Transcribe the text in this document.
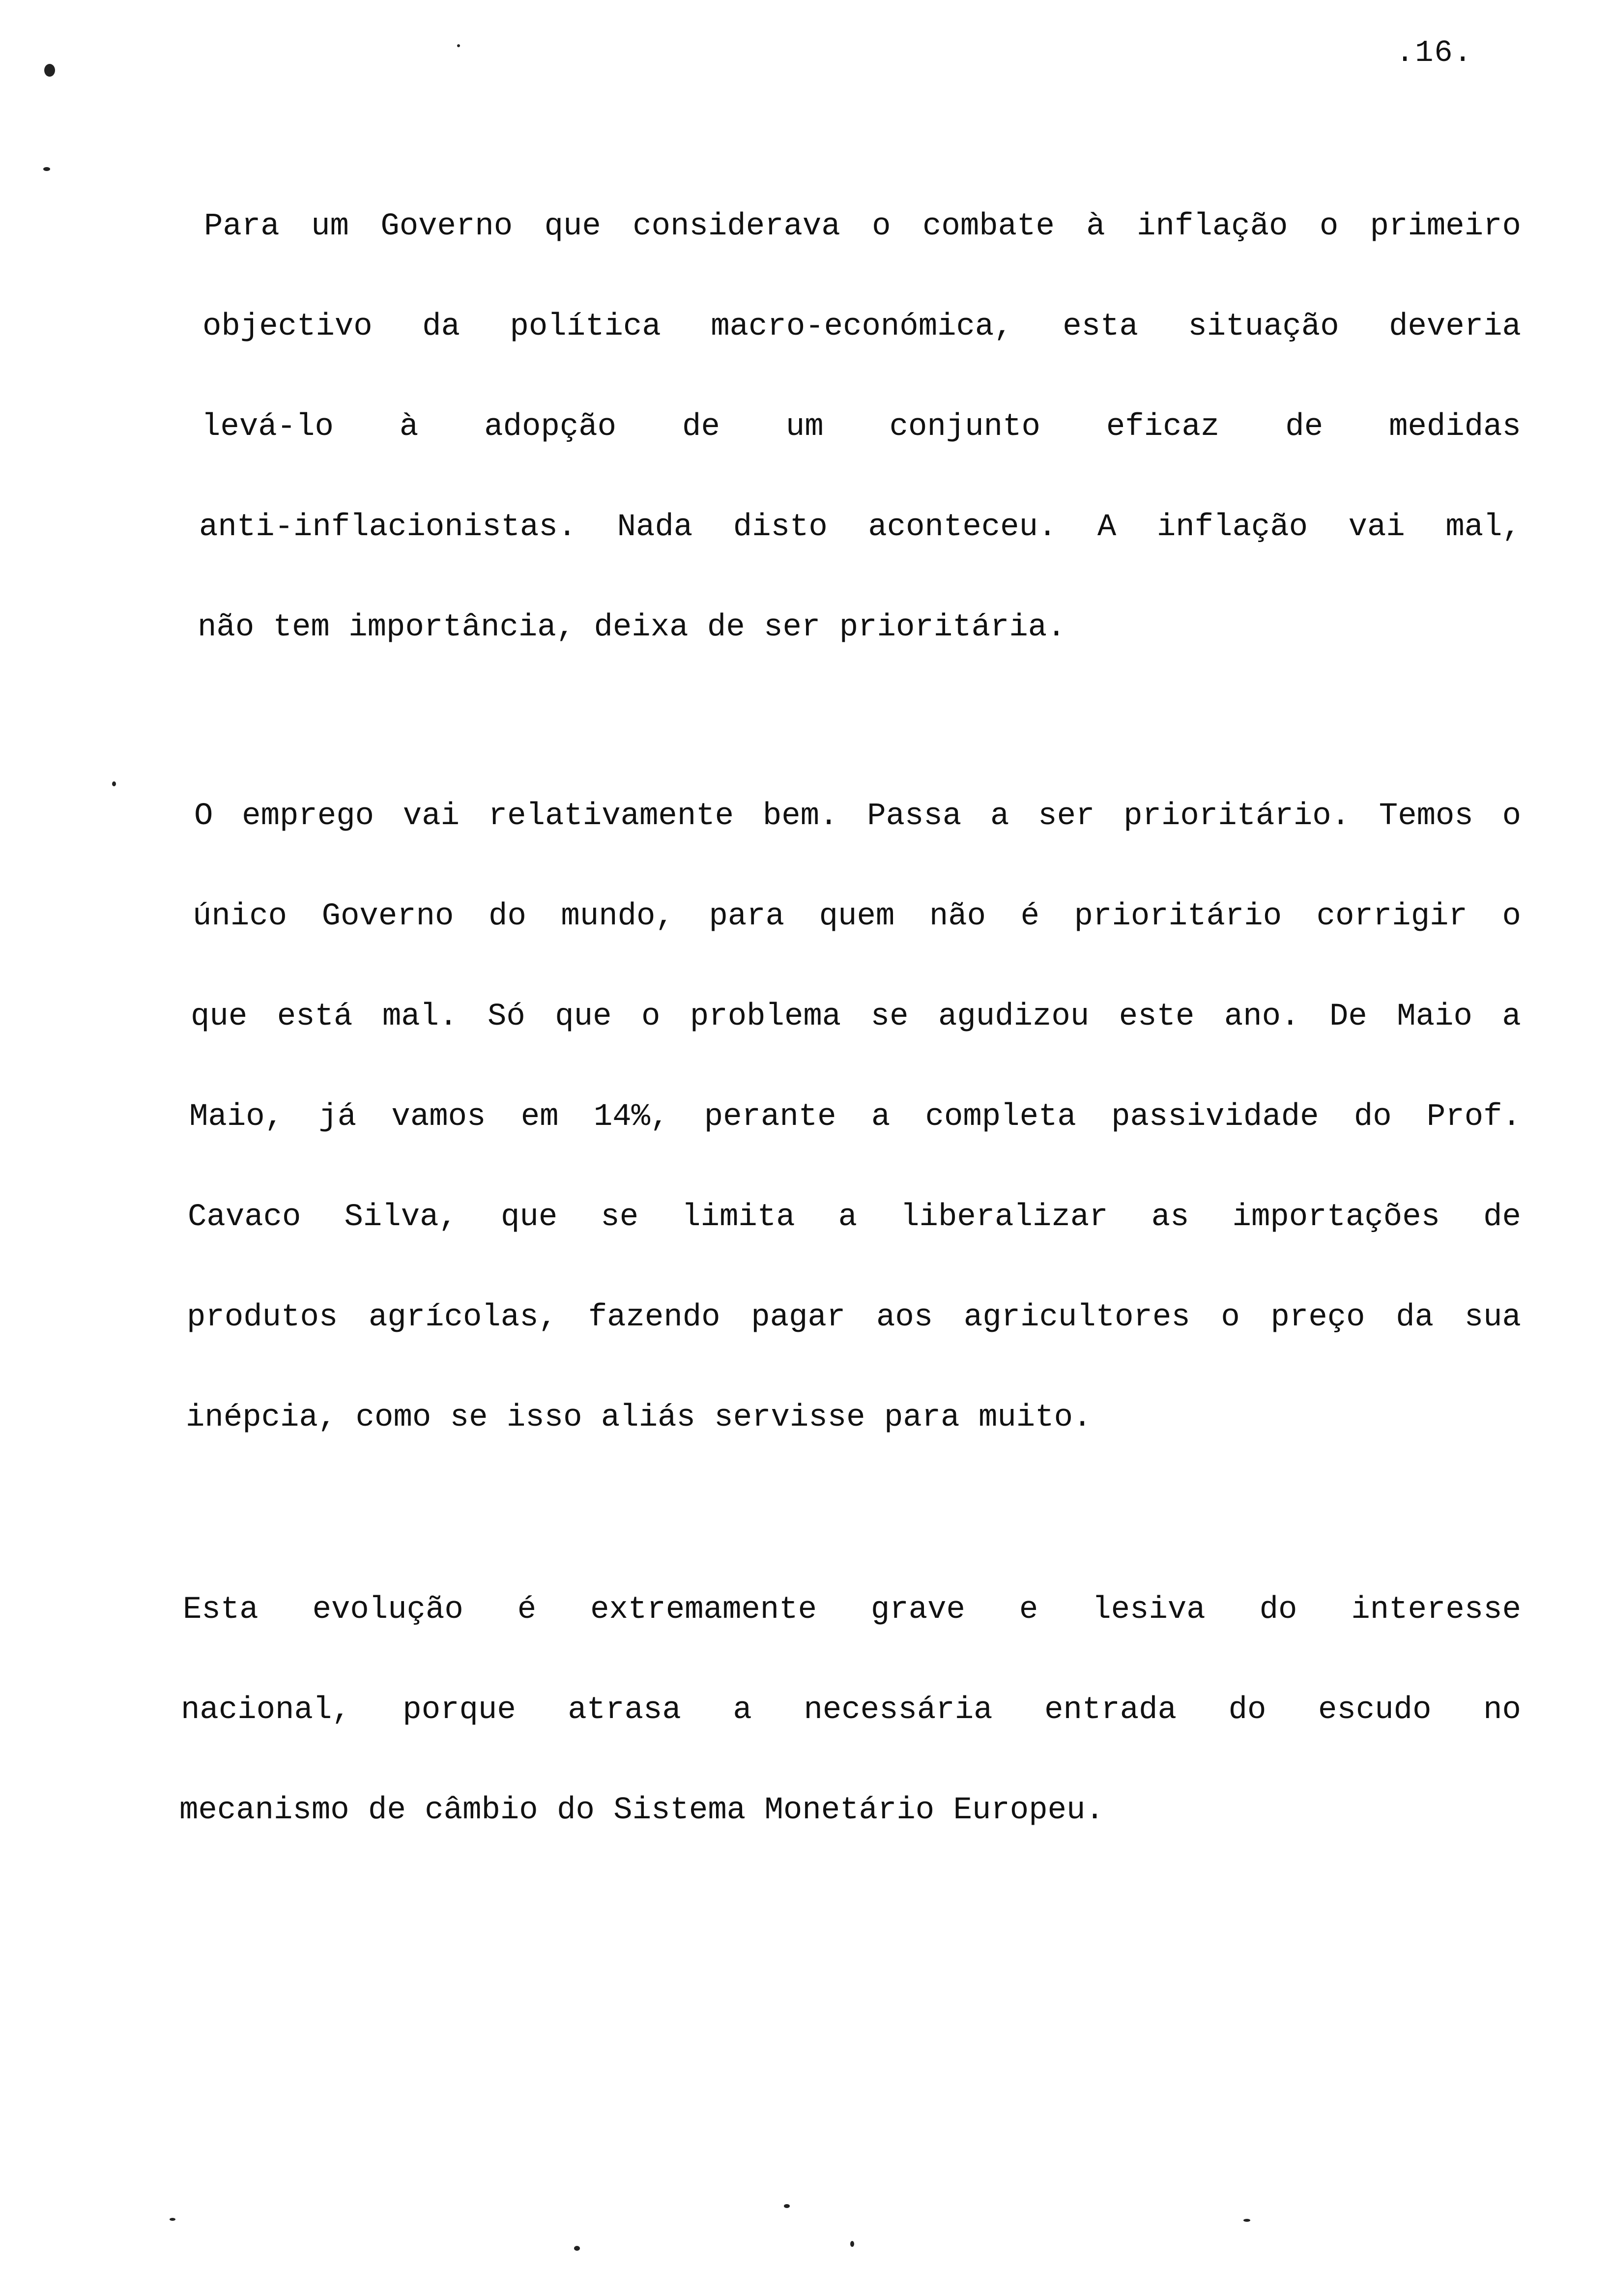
.16.
Para um Governo que considerava o combate à inflação o primeiro
objectivo da política macro-económica, esta situação deveria
levá-lo à adopção de um conjunto eficaz de medidas
anti-inflacionistas. Nada disto aconteceu. A inflação vai mal,
não tem importância, deixa de ser prioritária.
O emprego vai relativamente bem. Passa a ser prioritário. Temos o
único Governo do mundo, para quem não é prioritário corrigir o
que está mal. Só que o problema se agudizou este ano. De Maio a
Maio, já vamos em 14%, perante a completa passividade do Prof.
Cavaco Silva, que se limita a liberalizar as importações de
produtos agrícolas, fazendo pagar aos agricultores o preço da sua
inépcia, como se isso aliás servisse para muito.
Esta evolução é extremamente grave e lesiva do interesse
nacional, porque atrasa a necessária entrada do escudo no
mecanismo de câmbio do Sistema Monetário Europeu.
